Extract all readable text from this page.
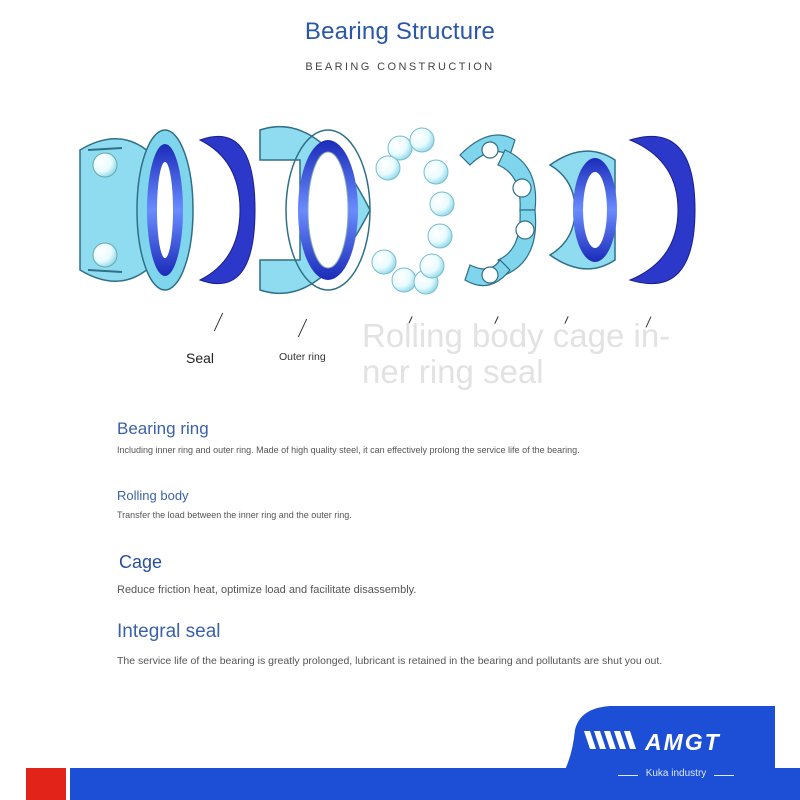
Bearing Structure
BEARING CONSTRUCTION
Seal	Outer ring
Rolling body cage in-ner ring seal
Bearing ring
Including inner ring and outer ring. Made of high quality steel, it can effectively prolong the service life of the bearing.
Rolling body
Transfer the load between the inner ring and the outer ring.
Cage
Reduce friction heat, optimize load and facilitate disassembly.
Integral seal
The service life of the bearing is greatly prolonged, lubricant is retained in the bearing and pollutants are shut you out.
AMGT
Kuka industry
